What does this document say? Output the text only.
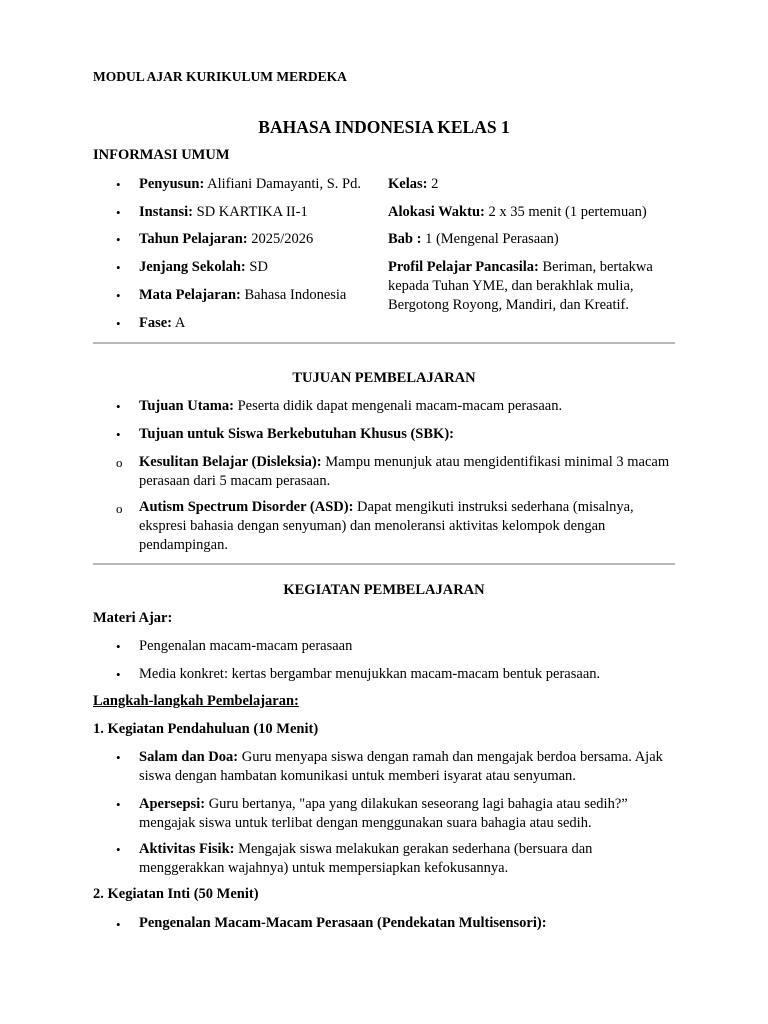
MODUL AJAR KURIKULUM MERDEKA
BAHASA INDONESIA KELAS 1
INFORMASI UMUM
•	Penyusun: Alifiani Damayanti, S. Pd.
•	Instansi: SD KARTIKA II-1
•	Tahun Pelajaran: 2025/2026
•	Jenjang Sekolah: SD
•	Mata Pelajaran: Bahasa Indonesia
•	Fase: A
Kelas: 2
Alokasi Waktu: 2 x 35 menit (1 pertemuan)
Bab : 1 (Mengenal Perasaan)
Profil Pelajar Pancasila: Beriman, bertakwa kepada Tuhan YME, dan berakhlak mulia, Bergotong Royong, Mandiri, dan Kreatif.
TUJUAN PEMBELAJARAN
•	Tujuan Utama: Peserta didik dapat mengenali macam-macam perasaan.
•	Tujuan untuk Siswa Berkebutuhan Khusus (SBK):
o Kesulitan Belajar (Disleksia): Mampu menunjuk atau mengidentifikasi minimal 3 macam perasaan dari 5 macam perasaan.
o Autism Spectrum Disorder (ASD): Dapat mengikuti instruksi sederhana (misalnya, ekspresi bahasia dengan senyuman) dan menoleransi aktivitas kelompok dengan pendampingan.
KEGIATAN PEMBELAJARAN
Materi Ajar:
•	Pengenalan macam-macam perasaan
•	Media konkret: kertas bergambar menujukkan macam-macam bentuk perasaan.
Langkah-langkah Pembelajaran:
1. Kegiatan Pendahuluan (10 Menit)
• Salam dan Doa: Guru menyapa siswa dengan ramah dan mengajak berdoa bersama. Ajak siswa dengan hambatan komunikasi untuk memberi isyarat atau senyuman.
• Apersepsi: Guru bertanya, "apa yang dilakukan seseorang lagi bahagia atau sedih?” mengajak siswa untuk terlibat dengan menggunakan suara bahagia atau sedih.
• Aktivitas Fisik: Mengajak siswa melakukan gerakan sederhana (bersuara dan menggerakkan wajahnya) untuk mempersiapkan kefokusannya.
2. Kegiatan Inti (50 Menit)
• Pengenalan Macam-Macam Perasaan (Pendekatan Multisensori):
